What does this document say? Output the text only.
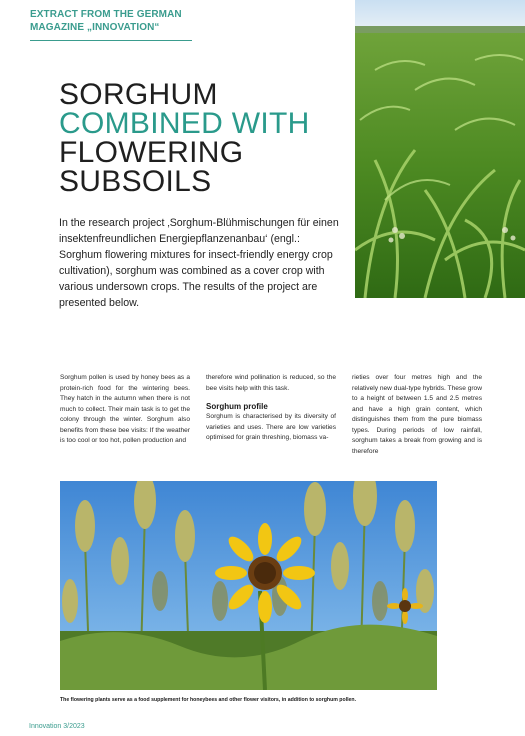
EXTRACT FROM THE GERMAN
MAGAZINE „INNOVATION“
SORGHUM
COMBINED WITH
FLOWERING
SUBSOILS
In the research project ‚Sorghum-Blühmischungen für einen insektenfreundlichen Energiepflanzenanbau‘ (engl.: Sorghum flowering mixtures for insect-friendly energy crop cultivation), sorghum was combined as a cover crop with various undersown crops. The results of the project are presented below.
Sorghum pollen is used by honey bees as a protein-rich food for the wintering bees. They hatch in the autumn when there is not much to collect. Their main task is to get the colony through the winter. Sorghum also benefits from these bee visits: If the weather is too cool or too hot, pollen production and
therefore wind pollination is reduced, so the bee visits help with this task.
Sorghum profile
Sorghum is characterised by its diversity of varieties and uses. There are low varieties optimised for grain threshing, biomass va-
rieties over four metres high and the relatively new dual-type hybrids. These grow to a height of between 1.5 and 2.5 metres and have a high grain content, which distinguishes them from the pure biomass types. During periods of low rainfall, sorghum takes a break from growing and is therefore
The flowering plants serve as a food supplement for honeybees and other flower visitors, in addition to sorghum pollen.
Innovation 3/2023
